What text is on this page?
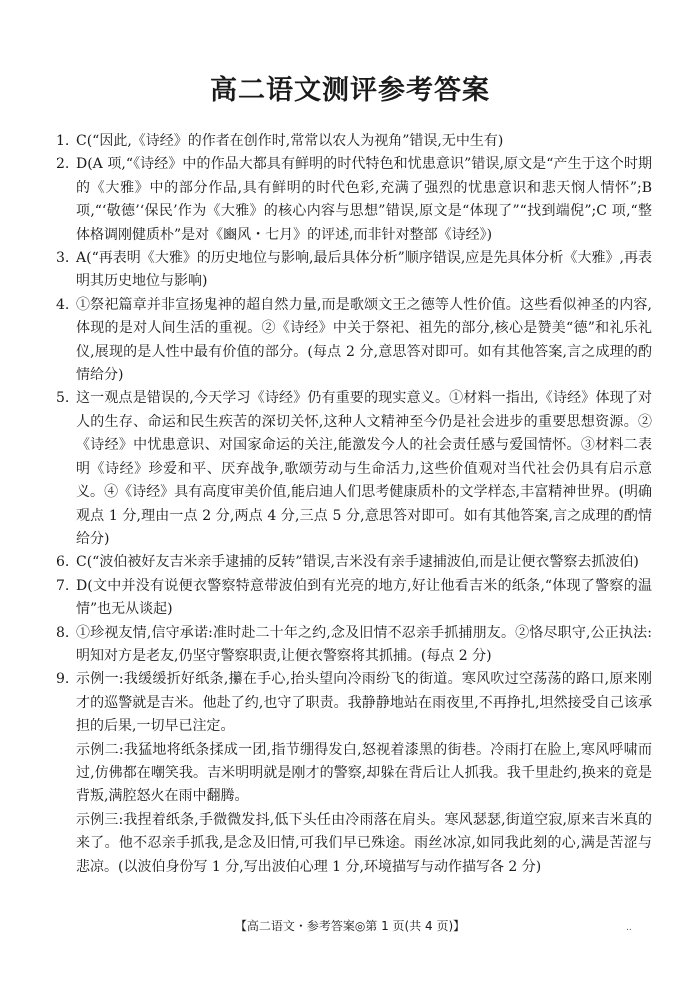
高二语文测评参考答案
1. C(“因此,《诗经》的作者在创作时,常常以农人为视角”错误,无中生有)
2. D(A 项,“《诗经》中的作品大都具有鲜明的时代特色和忧患意识”错误,原文是“产生于这个时期的《大雅》中的部分作品,具有鲜明的时代色彩,充满了强烈的忧患意识和悲天悯人情怀”;B 项,“‘敬德’‘保民’作为《大雅》的核心内容与思想”错误,原文是“体现了”“找到端倪”;C 项,“整体格调刚健质朴”是对《豳风・七月》的评述,而非针对整部《诗经》)
3. A(“再表明《大雅》的历史地位与影响,最后具体分析”顺序错误,应是先具体分析《大雅》,再表明其历史地位与影响)
4. ①祭祀篇章并非宣扬鬼神的超自然力量,而是歌颂文王之德等人性价值。这些看似神圣的内容,体现的是对人间生活的重视。②《诗经》中关于祭祀、祖先的部分,核心是赞美“德”和礼乐礼仪,展现的是人性中最有价值的部分。(每点 2 分,意思答对即可。如有其他答案,言之成理的酌情给分)
5. 这一观点是错误的,今天学习《诗经》仍有重要的现实意义。①材料一指出,《诗经》体现了对人的生存、命运和民生疾苦的深切关怀,这种人文精神至今仍是社会进步的重要思想资源。②《诗经》中忧患意识、对国家命运的关注,能激发今人的社会责任感与爱国情怀。③材料二表明《诗经》珍爱和平、厌弃战争,歌颂劳动与生命活力,这些价值观对当代社会仍具有启示意义。④《诗经》具有高度审美价值,能启迪人们思考健康质朴的文学样态,丰富精神世界。(明确观点 1 分,理由一点 2 分,两点 4 分,三点 5 分,意思答对即可。如有其他答案,言之成理的酌情给分)
6. C(“波伯被好友吉米亲手逮捕的反转”错误,吉米没有亲手逮捕波伯,而是让便衣警察去抓波伯)
7. D(文中并没有说便衣警察特意带波伯到有光亮的地方,好让他看吉米的纸条,“体现了警察的温情”也无从谈起)
8. ①珍视友情,信守承诺:准时赴二十年之约,念及旧情不忍亲手抓捕朋友。②恪尽职守,公正执法:明知对方是老友,仍坚守警察职责,让便衣警察将其抓捕。(每点 2 分)
9. 示例一:我缓缓折好纸条,攥在手心,抬头望向冷雨纷飞的街道。寒风吹过空荡荡的路口,原来刚才的巡警就是吉米。他赴了约,也守了职责。我静静地站在雨夜里,不再挣扎,坦然接受自己该承担的后果,一切早已注定。
示例二:我猛地将纸条揉成一团,指节绷得发白,怒视着漆黑的街巷。冷雨打在脸上,寒风呼啸而过,仿佛都在嘲笑我。吉米明明就是刚才的警察,却躲在背后让人抓我。我千里赴约,换来的竟是背叛,满腔怒火在雨中翻腾。
示例三:我捏着纸条,手微微发抖,低下头任由冷雨落在肩头。寒风瑟瑟,街道空寂,原来吉米真的来了。他不忍亲手抓我,是念及旧情,可我们早已殊途。雨丝冰凉,如同我此刻的心,满是苦涩与悲凉。(以波伯身份写 1 分,写出波伯心理 1 分,环境描写与动作描写各 2 分)

【高二语文・参考答案◎第 1 页(共 4 页)】	..
